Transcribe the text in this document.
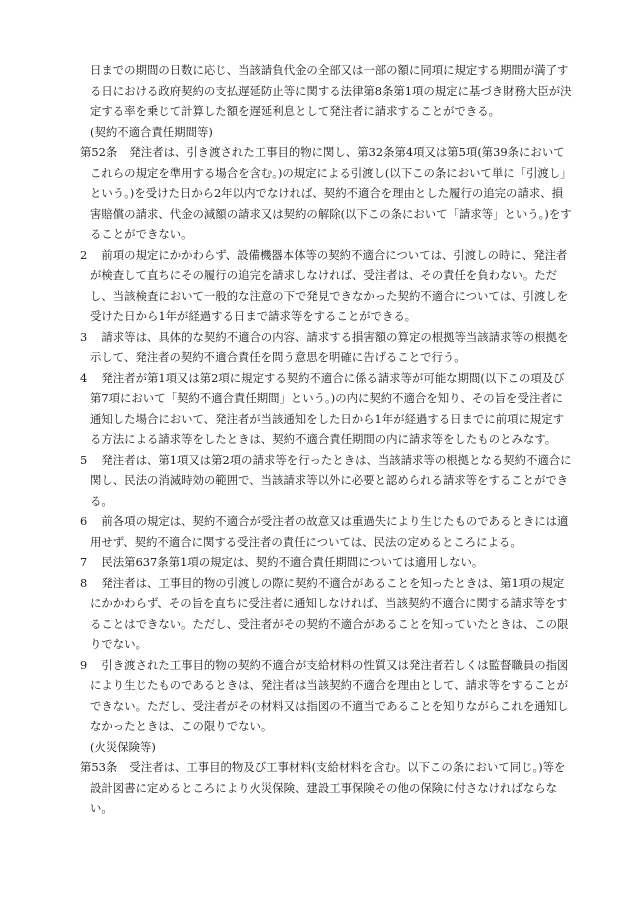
日までの期間の日数に応じ、当該請負代金の全部又は一部の額に同項に規定する期間が満了する日における政府契約の支払遅延防止等に関する法律第8条第1項の規定に基づき財務大臣が決定する率を乗じて計算した額を遅延利息として発注者に請求することができる。
(契約不適合責任期間等)
第52条 　発注者は、引き渡された工事目的物に関し、第32条第4項又は第5項(第39条においてこれらの規定を準用する場合を含む。)の規定による引渡し(以下この条において単に「引渡し」という。)を受けた日から2年以内でなければ、契約不適合を理由とした履行の追完の請求、損害賠償の請求、代金の減額の請求又は契約の解除(以下この条において「請求等」という。)をすることができない。
2 　前項の規定にかかわらず、設備機器本体等の契約不適合については、引渡しの時に、発注者が検査して直ちにその履行の追完を請求しなければ、受注者は、その責任を負わない。ただし、当該検査において一般的な注意の下で発見できなかった契約不適合については、引渡しを受けた日から1年が経過する日まで請求等をすることができる。
3 　請求等は、具体的な契約不適合の内容、請求する損害額の算定の根拠等当該請求等の根拠を示して、発注者の契約不適合責任を問う意思を明確に告げることで行う。
4 　発注者が第1項又は第2項に規定する契約不適合に係る請求等が可能な期間(以下この項及び第7項において「契約不適合責任期間」という。)の内に契約不適合を知り、その旨を受注者に通知した場合において、発注者が当該通知をした日から1年が経過する日までに前項に規定する方法による請求等をしたときは、契約不適合責任期間の内に請求等をしたものとみなす。
5 　発注者は、第1項又は第2項の請求等を行ったときは、当該請求等の根拠となる契約不適合に関し、民法の消滅時効の範囲で、当該請求等以外に必要と認められる請求等をすることができる。
6 　前各項の規定は、契約不適合が受注者の故意又は重過失により生じたものであるときには適用せず、契約不適合に関する受注者の責任については、民法の定めるところによる。
7 　民法第637条第1項の規定は、契約不適合責任期間については適用しない。
8 　発注者は、工事目的物の引渡しの際に契約不適合があることを知ったときは、第1項の規定にかかわらず、その旨を直ちに受注者に通知しなければ、当該契約不適合に関する請求等をすることはできない。ただし、受注者がその契約不適合があることを知っていたときは、この限りでない。
9 　引き渡された工事目的物の契約不適合が支給材料の性質又は発注者若しくは監督職員の指図により生じたものであるときは、発注者は当該契約不適合を理由として、請求等をすることができない。ただし、受注者がその材料又は指図の不適当であることを知りながらこれを通知しなかったときは、この限りでない。
(火災保険等)
第53条 　受注者は、工事目的物及び工事材料(支給材料を含む。以下この条において同じ。)等を設計図書に定めるところにより火災保険、建設工事保険その他の保険に付さなければならない。
